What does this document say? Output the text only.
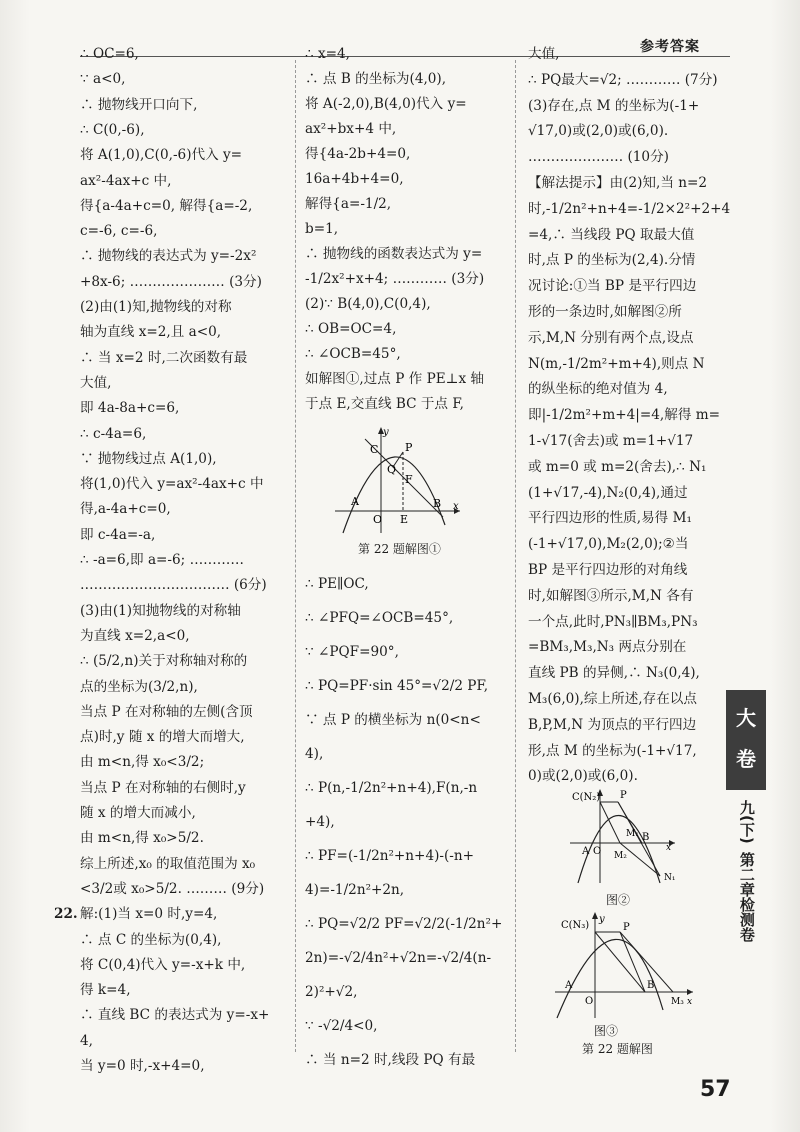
参考答案
∴ OC=6,
∵ a<0,
∴ 抛物线开口向下,
∴ C(0,-6),
将 A(1,0),C(0,-6)代入 y=
ax²-4ax+c 中,
得{a-4a+c=0, 解得{a=-2,
c=-6, c=-6,
∴ 抛物线的表达式为 y=-2x²
+8x-6; ………………… (3分)
(2)由(1)知,抛物线的对称
轴为直线 x=2,且 a<0,
∴ 当 x=2 时,二次函数有最
大值,
即 4a-8a+c=6,
∴ c-4a=6,
∵ 抛物线过点 A(1,0),
将(1,0)代入 y=ax²-4ax+c 中
得,a-4a+c=0,
即 c-4a=-a,
∴ -a=6,即 a=-6; …………
…………………………… (6分)
(3)由(1)知抛物线的对称轴
为直线 x=2,a<0,
∴ (5/2,n)关于对称轴对称的
点的坐标为(3/2,n),
当点 P 在对称轴的左侧(含顶
点)时,y 随 x 的增大而增大,
由 m<n,得 x₀<3/2;
当点 P 在对称轴的右侧时,y
随 x 的增大而减小,
由 m<n,得 x₀>5/2.
综上所述,x₀ 的取值范围为 x₀
<3/2或 x₀>5/2. ……… (9分)
22. 解:(1)当 x=0 时,y=4,
∴ 点 C 的坐标为(0,4),
将 C(0,4)代入 y=-x+k 中,
得 k=4,
∴ 直线 BC 的表达式为 y=-x+
4,
当 y=0 时,-x+4=0,
∴ x=4,
∴ 点 B 的坐标为(4,0),
将 A(-2,0),B(4,0)代入 y=
ax²+bx+4 中,
得{4a-2b+4=0,
16a+4b+4=0,
解得{a=-1/2,
b=1,
∴ 抛物线的函数表达式为 y=
-1/2x²+x+4; ………… (3分)
(2)∵ B(4,0),C(0,4),
∴ OB=OC=4,
∴ ∠OCB=45°,
如解图①,过点 P 作 PE⊥x 轴
于点 E,交直线 BC 于点 F,
∴ PE∥OC,
∴ ∠PFQ=∠OCB=45°,
∵ ∠PQF=90°,
∴ PQ=PF·sin 45°=√2/2 PF,
∵ 点 P 的横坐标为 n(0<n<
4),
∴ P(n,-1/2n²+n+4),F(n,-n
+4),
∴ PF=(-1/2n²+n+4)-(-n+
4)=-1/2n²+2n,
∴ PQ=√2/2 PF=√2/2(-1/2n²+
2n)=-√2/4n²+√2n=-√2/4(n-
2)²+√2,
∵ -√2/4<0,
∴ 当 n=2 时,线段 PQ 有最
大值,
∴ PQ最大=√2; ………… (7分)
(3)存在,点 M 的坐标为(-1+
√17,0)或(2,0)或(6,0).
………………… (10分)
【解法提示】由(2)知,当 n=2
时,-1/2n²+n+4=-1/2×2²+2+4
=4,∴ 当线段 PQ 取最大值
时,点 P 的坐标为(2,4).分情
况讨论:①当 BP 是平行四边
形的一条边时,如解图②所
示,M,N 分别有两个点,设点
N(m,-1/2m²+m+4),则点 N
的纵坐标的绝对值为 4,
即|-1/2m²+m+4|=4,解得 m=
1-√17(舍去)或 m=1+√17
或 m=0 或 m=2(舍去),∴ N₁
(1+√17,-4),N₂(0,4),通过
平行四边形的性质,易得 M₁
(-1+√17,0),M₂(2,0);②当
BP 是平行四边形的对角线
时,如解图③所示,M,N 各有
一个点,此时,PN₃∥BM₃,PN₃
=BM₃,M₃,N₃ 两点分别在
直线 PB 的异侧,∴ N₃(0,4),
M₃(6,0),综上所述,存在以点
B,P,M,N 为顶点的平行四边
形,点 M 的坐标为(-1+√17,
0)或(2,0)或(6,0).
C
y
P
Q
F
A
O E
B x
第 22 题解图①
C(N₂) P
A O M₂
M₁ B
x
N₁
图②
C(N₃)
y
P
A
O
B
M₃ x
图③
第 22 题解图
大
卷
九(下)
第二章检测卷
57
